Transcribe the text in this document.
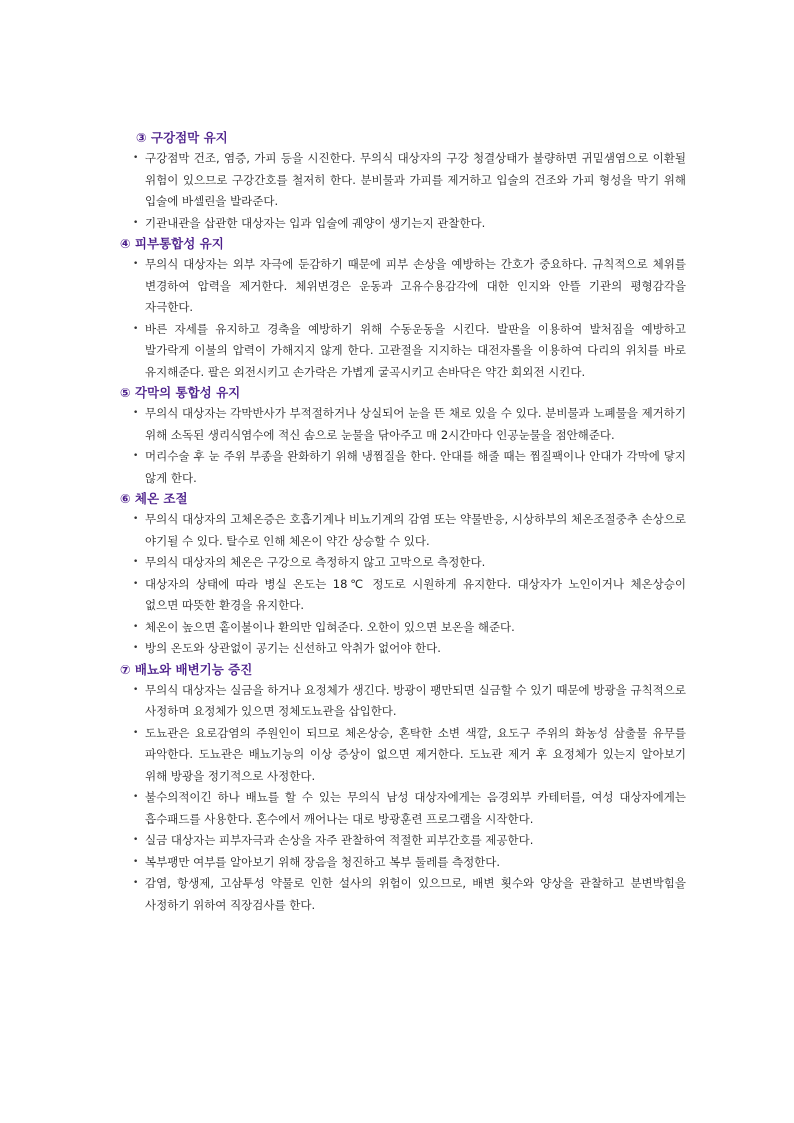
③ 구강점막 유지
• 구강점막 건조, 염증, 가피 등을 시진한다. 무의식 대상자의 구강 청결상태가 불량하면 귀밑샘염으로 이환될 위험이 있으므로 구강간호를 철저히 한다. 분비물과 가피를 제거하고 입술의 건조와 가피 형성을 막기 위해 입술에 바셀린을 발라준다.
• 기관내관을 삽관한 대상자는 입과 입술에 궤양이 생기는지 관찰한다.
④ 피부통합성 유지
• 무의식 대상자는 외부 자극에 둔감하기 때문에 피부 손상을 예방하는 간호가 중요하다. 규칙적으로 체위를 변경하여 압력을 제거한다. 체위변경은 운동과 고유수용감각에 대한 인지와 안뜰 기관의 평형감각을 자극한다.
• 바른 자세를 유지하고 경축을 예방하기 위해 수동운동을 시킨다. 발판을 이용하여 발처짐을 예방하고 발가락게 이불의 압력이 가해지지 않게 한다. 고관절을 지지하는 대전자롤을 이용하여 다리의 위치를 바로 유지해준다. 팔은 외전시키고 손가락은 가볍게 굴곡시키고 손바닥은 약간 회외전 시킨다.
⑤ 각막의 통합성 유지
• 무의식 대상자는 각막반사가 부적절하거나 상실되어 눈을 뜬 채로 있을 수 있다. 분비물과 노폐물을 제거하기 위해 소독된 생리식염수에 적신 솜으로 눈물을 닦아주고 매 2시간마다 인공눈물을 점안해준다.
• 머리수술 후 눈 주위 부종을 완화하기 위해 냉찜질을 한다. 안대를 해줄 때는 찜질팩이나 안대가 각막에 닿지 않게 한다.
⑥ 체온 조절
• 무의식 대상자의 고체온증은 호흡기계나 비뇨기계의 감염 또는 약물반응, 시상하부의 체온조절중추 손상으로 야기될 수 있다. 탈수로 인해 체온이 약간 상승할 수 있다.
• 무의식 대상자의 체온은 구강으로 측정하지 않고 고막으로 측정한다.
• 대상자의 상태에 따라 병실 온도는 18℃ 정도로 시원하게 유지한다. 대상자가 노인이거나 체온상승이 없으면 따뜻한 환경을 유지한다.
• 체온이 높으면 홑이불이나 환의만 입혀준다. 오한이 있으면 보온을 해준다.
• 방의 온도와 상관없이 공기는 신선하고 악취가 없어야 한다.
⑦ 배뇨와 배변기능 증진
• 무의식 대상자는 실금을 하거나 요정체가 생긴다. 방광이 팽만되면 실금할 수 있기 때문에 방광을 규칙적으로 사정하며 요정체가 있으면 정체도뇨관을 삽입한다.
• 도뇨관은 요로감염의 주원인이 되므로 체온상승, 혼탁한 소변 색깔, 요도구 주위의 화농성 삼출물 유무를 파악한다. 도뇨관은 배뇨기능의 이상 증상이 없으면 제거한다. 도뇨관 제거 후 요정체가 있는지 알아보기 위해 방광을 정기적으로 사정한다.
• 불수의적이긴 하나 배뇨를 할 수 있는 무의식 남성 대상자에게는 음경외부 카테터를, 여성 대상자에게는 흡수패드를 사용한다. 혼수에서 깨어나는 대로 방광훈련 프로그램을 시작한다.
• 실금 대상자는 피부자극과 손상을 자주 관찰하여 적절한 피부간호를 제공한다.
• 복부팽만 여부를 알아보기 위해 장음을 청진하고 복부 둘레를 측정한다.
• 감염, 항생제, 고삼투성 약물로 인한 설사의 위험이 있으므로, 배변 횟수와 양상을 관찰하고 분변박힘을 사정하기 위하여 직장검사를 한다.
